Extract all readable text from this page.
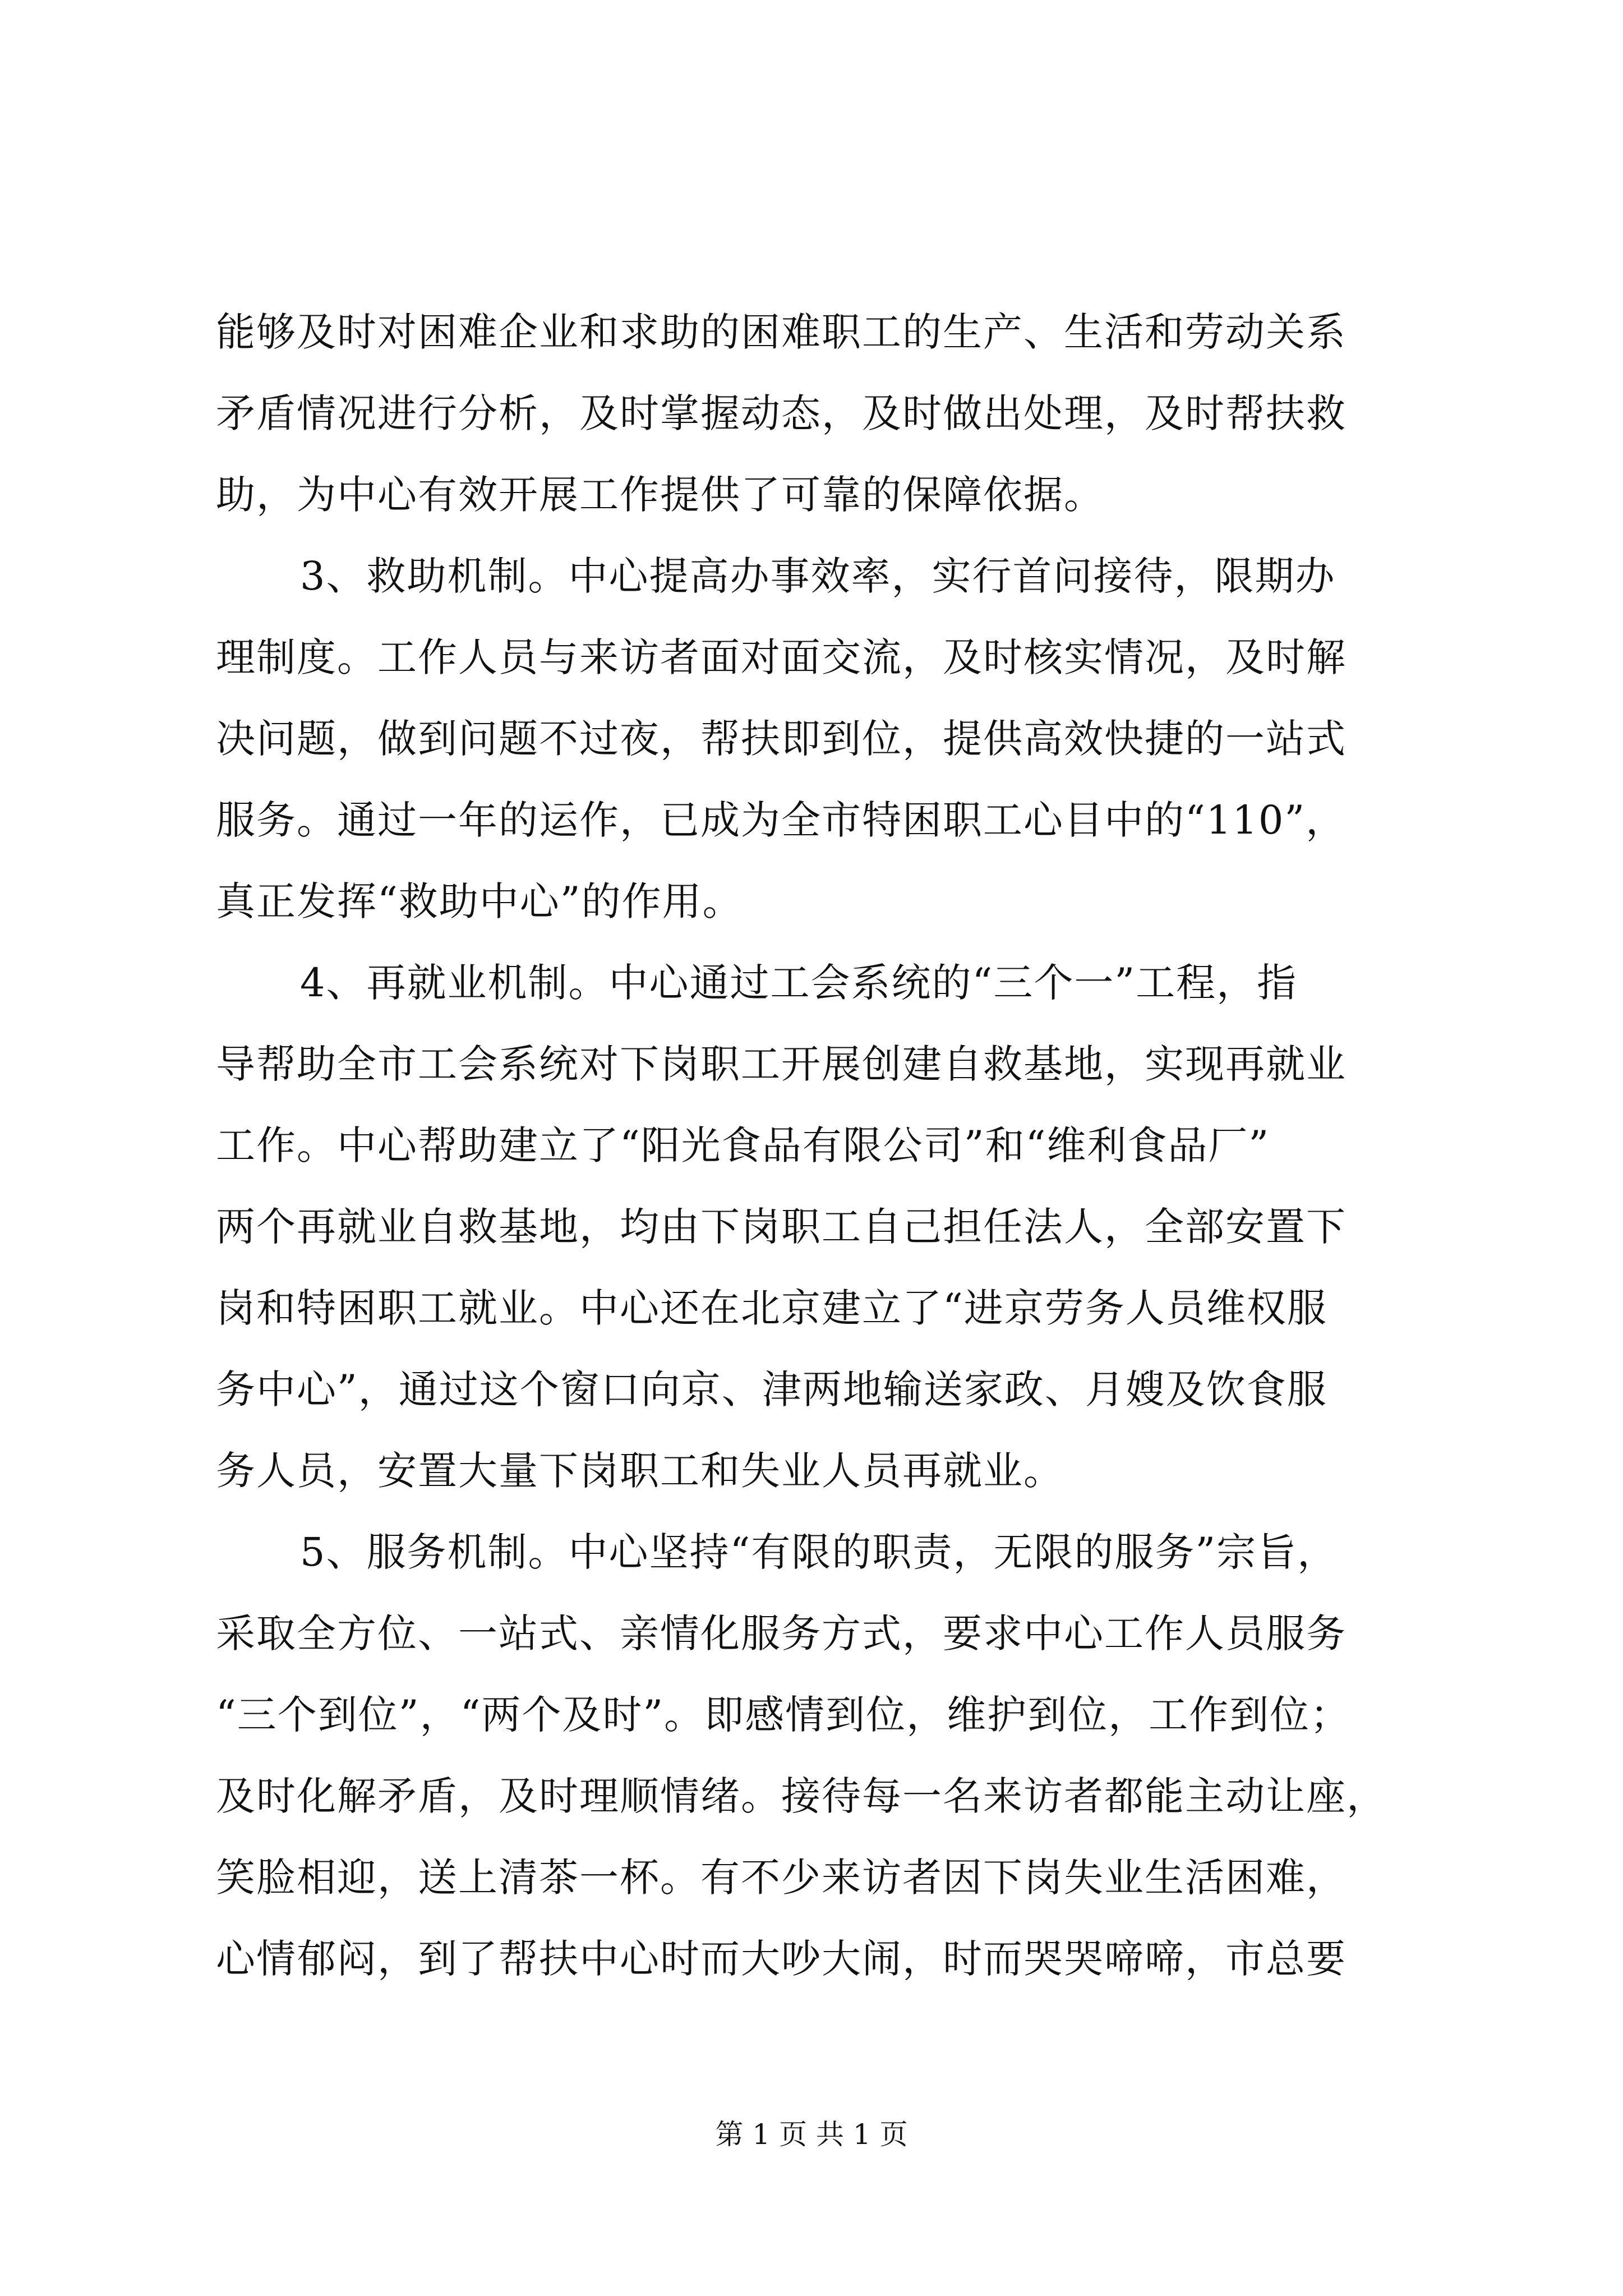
能够及时对困难企业和求助的困难职工的生产、生活和劳动关系
矛盾情况进行分析，及时掌握动态，及时做出处理，及时帮扶救
助，为中心有效开展工作提供了可靠的保障依据。
3、救助机制。中心提高办事效率，实行首问接待，限期办
理制度。工作人员与来访者面对面交流，及时核实情况，及时解
决问题，做到问题不过夜，帮扶即到位，提供高效快捷的一站式
服务。通过一年的运作，已成为全市特困职工心目中的“110”，
真正发挥“救助中心”的作用。
4、再就业机制。中心通过工会系统的“三个一”工程，指
导帮助全市工会系统对下岗职工开展创建自救基地，实现再就业
工作。中心帮助建立了“阳光食品有限公司”和“维利食品厂”
两个再就业自救基地，均由下岗职工自己担任法人，全部安置下
岗和特困职工就业。中心还在北京建立了“进京劳务人员维权服
务中心”，通过这个窗口向京、津两地输送家政、月嫂及饮食服
务人员，安置大量下岗职工和失业人员再就业。
5、服务机制。中心坚持“有限的职责，无限的服务”宗旨，
采取全方位、一站式、亲情化服务方式，要求中心工作人员服务
“三个到位”，“两个及时”。即感情到位，维护到位，工作到位；
及时化解矛盾，及时理顺情绪。接待每一名来访者都能主动让座，
笑脸相迎，送上清茶一杯。有不少来访者因下岗失业生活困难，
心情郁闷，到了帮扶中心时而大吵大闹，时而哭哭啼啼，市总要
第 1 页 共 1 页
